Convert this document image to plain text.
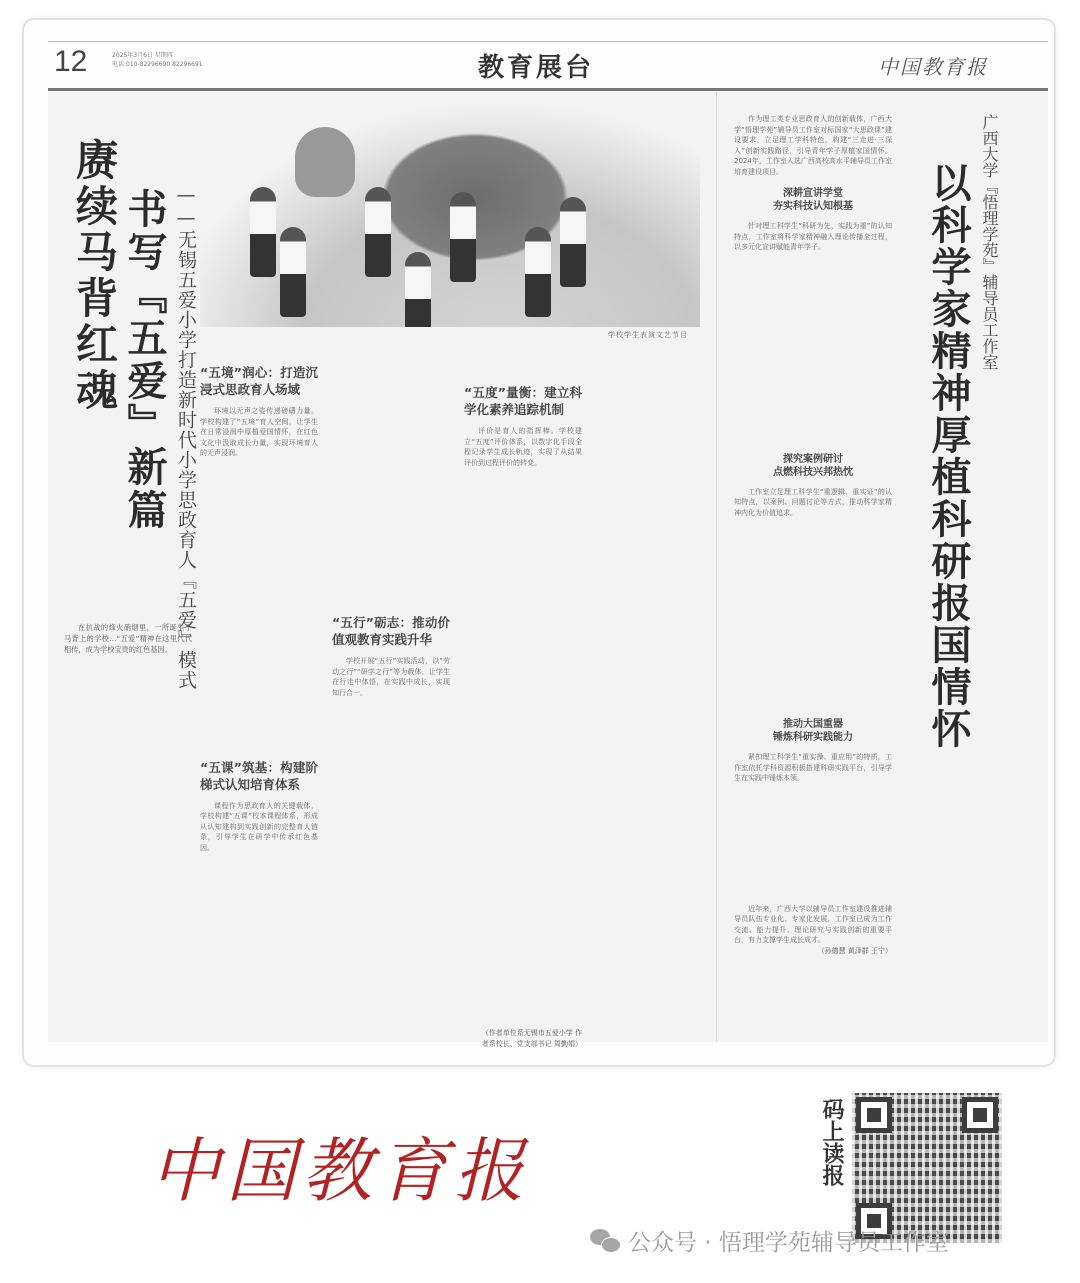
12	2025年3月6日 星期四
电话:010-82296690 82296691	教育展台	中国教育报
赓续马背红魂 书写『五爱』新篇 ——无锡五爱小学打造新时代小学思政育人『五爱』模式	学校学生表演文艺节目

在抗战的烽火硝烟里，一所诞生于马背上的学校…“五爱”精神在这里代代相传，成为学校宝贵的红色基因。

“五境”润心：打造沉浸式思政育人场域

环境以无声之姿传递磅礴力量。学校构建了“五境”育人空间，让学生在日常浸润中厚植爱国情怀，在红色文化中汲取成长力量，实现环境育人的无声浸润。

“五课”筑基：构建阶梯式认知培育体系

课程作为思政育人的关键载体，学校构建“五课”校本课程体系，形成从认知建构到实践创新的完整育人链条，引导学生在研学中传承红色基因。

“五行”砺志：推动价值观教育实践升华

学校开展“五行”实践活动，以“劳动之行”“研学之行”等为载体，让学生在行走中体悟，在实践中成长，实现知行合一。

“五度”量衡：建立科学化素养追踪机制

评价是育人的指挥棒。学校建立“五度”评价体系，以数字化手段全程记录学生成长轨迹，实现了从结果评价到过程评价的转变。

（作者单位系无锡市五爱小学 作者系校长、党支部书记 周勤娟）

作为理工类专业思政育人的创新载体，广西大学“悟理学苑”辅导员工作室对标国家“大思政课”建设要求，立足理工学科特色，构建“三走进·三深入”创新实践路径，引导青年学子厚植家国情怀。2024年，工作室入选广西高校高水平辅导员工作室培育建设项目。

深耕宣讲学堂
夯实科技认知根基

针对理工科学生“科研为先，实践为重”的认知特点，工作室将科学家精神融入理论传播全过程，以多元化宣讲赋能青年学子。

探究案例研讨
点燃科技兴邦热忱

工作室立足理工科学生“重逻辑、重实证”的认知特点，以案例、问题讨论等方式，推动科学家精神内化为价值追求。

推动大国重器
锤炼科研实践能力

紧扣理工科学生“重实操、重应用”的特质，工作室依托学科资源积极搭建科研实践平台，引导学生在实践中锤炼本领。

近年来，广西大学以辅导员工作室建设推进辅导员队伍专业化、专家化发展，工作室已成为工作交流、能力提升、理论研究与实践创新的重要平台，有力支撑学生成长成才。

（孙德慧 黄泽群 王宁）

以科学家精神厚植科研报国情怀 广西大学『悟理学苑』辅导员工作室
中国教育报	码上读报
公众号 · 悟理学苑辅导员工作室
